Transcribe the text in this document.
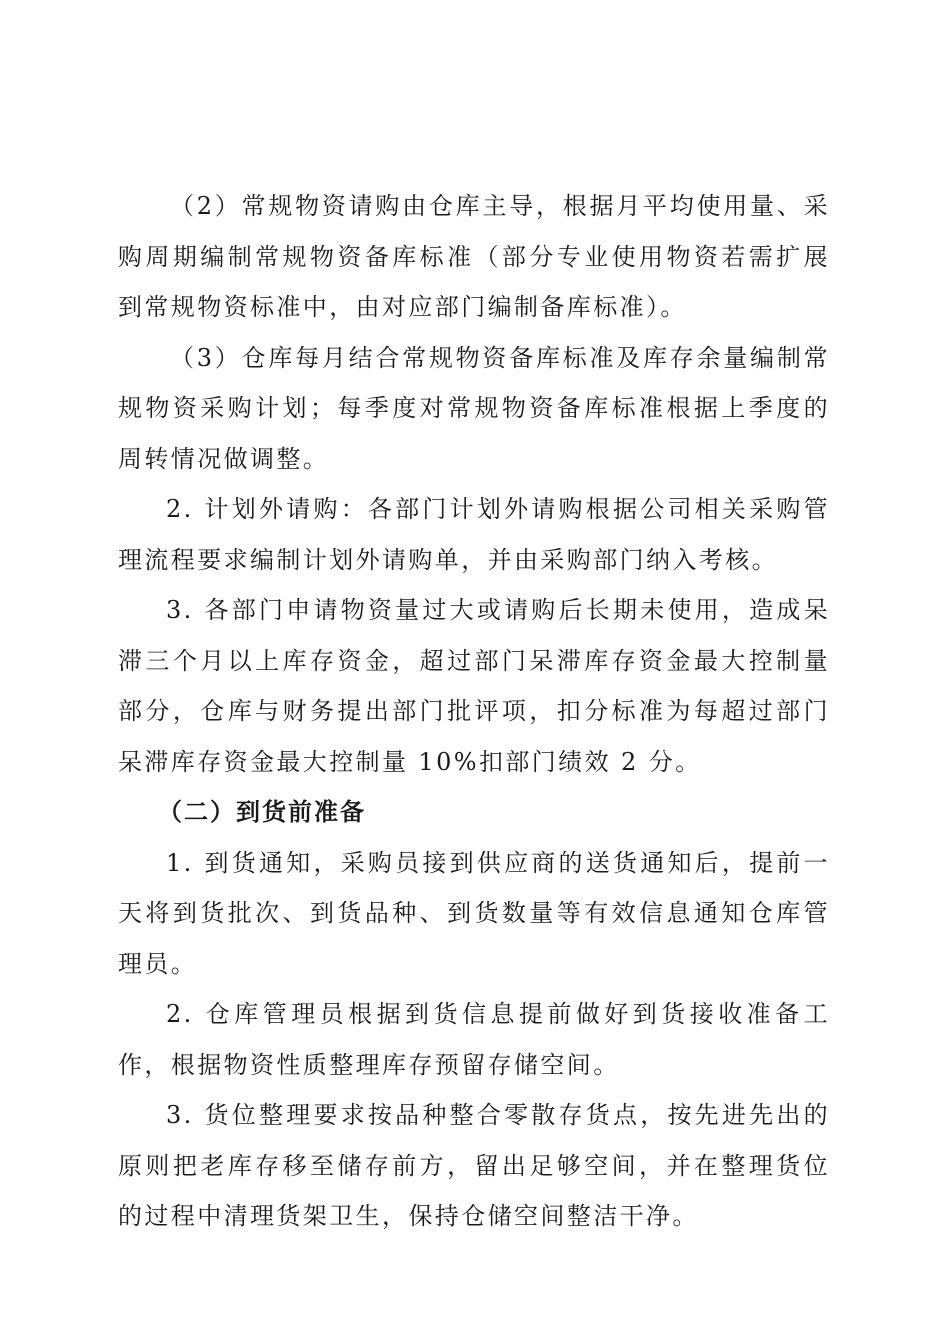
（2）常规物资请购由仓库主导，根据月平均使用量、采购周期编制常规物资备库标准（部分专业使用物资若需扩展到常规物资标准中，由对应部门编制备库标准）。

（3）仓库每月结合常规物资备库标准及库存余量编制常规物资采购计划；每季度对常规物资备库标准根据上季度的周转情况做调整。

2. 计划外请购：各部门计划外请购根据公司相关采购管理流程要求编制计划外请购单，并由采购部门纳入考核。

3. 各部门申请物资量过大或请购后长期未使用，造成呆滞三个月以上库存资金，超过部门呆滞库存资金最大控制量部分，仓库与财务提出部门批评项，扣分标准为每超过部门呆滞库存资金最大控制量 10%扣部门绩效 2 分。

（二）到货前准备

1. 到货通知，采购员接到供应商的送货通知后，提前一天将到货批次、到货品种、到货数量等有效信息通知仓库管理员。

2. 仓库管理员根据到货信息提前做好到货接收准备工作，根据物资性质整理库存预留存储空间。

3. 货位整理要求按品种整合零散存货点，按先进先出的原则把老库存移至储存前方，留出足够空间，并在整理货位的过程中清理货架卫生，保持仓储空间整洁干净。
